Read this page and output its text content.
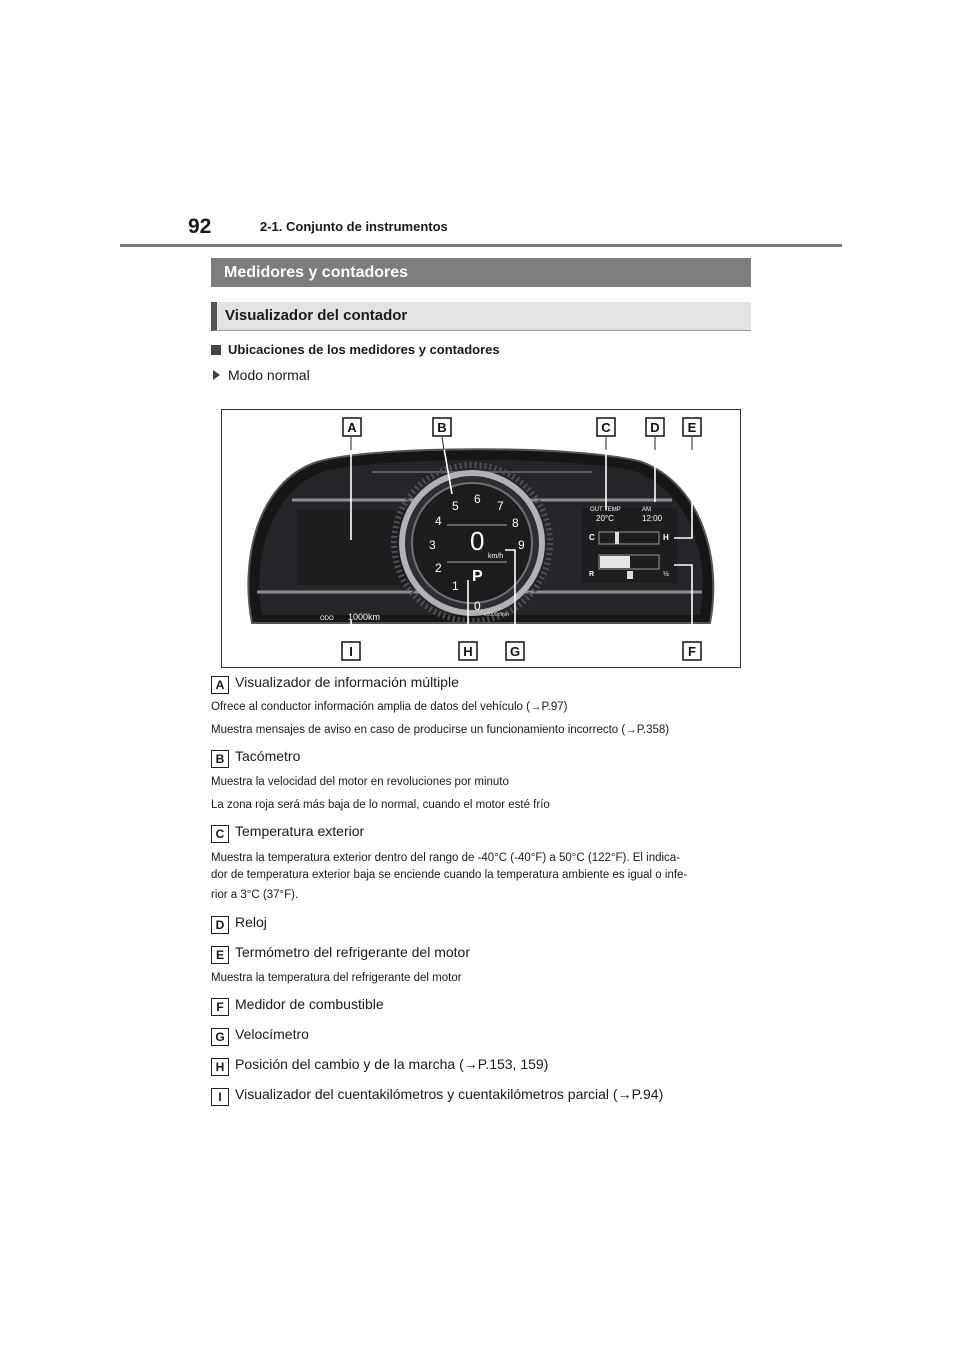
92	2-1. Conjunto de instrumentos
Medidores y contadores
Visualizador del contador
Ubicaciones de los medidores y contadores
Modo normal
0
1
2
3
4
5 6 7
8
9
0
km/h
P
x1000r/min
OUT TEMP
20°C
AM
12:00
C	H
R	½
ODO 1000km
A	B	C	D E
I	H	G	F
A Visualizador de información múltiple
Ofrece al conductor información amplia de datos del vehículo (→P.97)
Muestra mensajes de aviso en caso de producirse un funcionamiento incorrecto (→P.358)
B Tacómetro
Muestra la velocidad del motor en revoluciones por minuto
La zona roja será más baja de lo normal, cuando el motor esté frío
C Temperatura exterior
Muestra la temperatura exterior dentro del rango de -40°C (-40°F) a 50°C (122°F). El indica-
dor de temperatura exterior baja se enciende cuando la temperatura ambiente es igual o infe-
rior a 3°C (37°F).
D Reloj
E Termómetro del refrigerante del motor
Muestra la temperatura del refrigerante del motor
F Medidor de combustible
G Velocímetro
H Posición del cambio y de la marcha (→P.153, 159)
I Visualizador del cuentakilómetros y cuentakilómetros parcial (→P.94)
